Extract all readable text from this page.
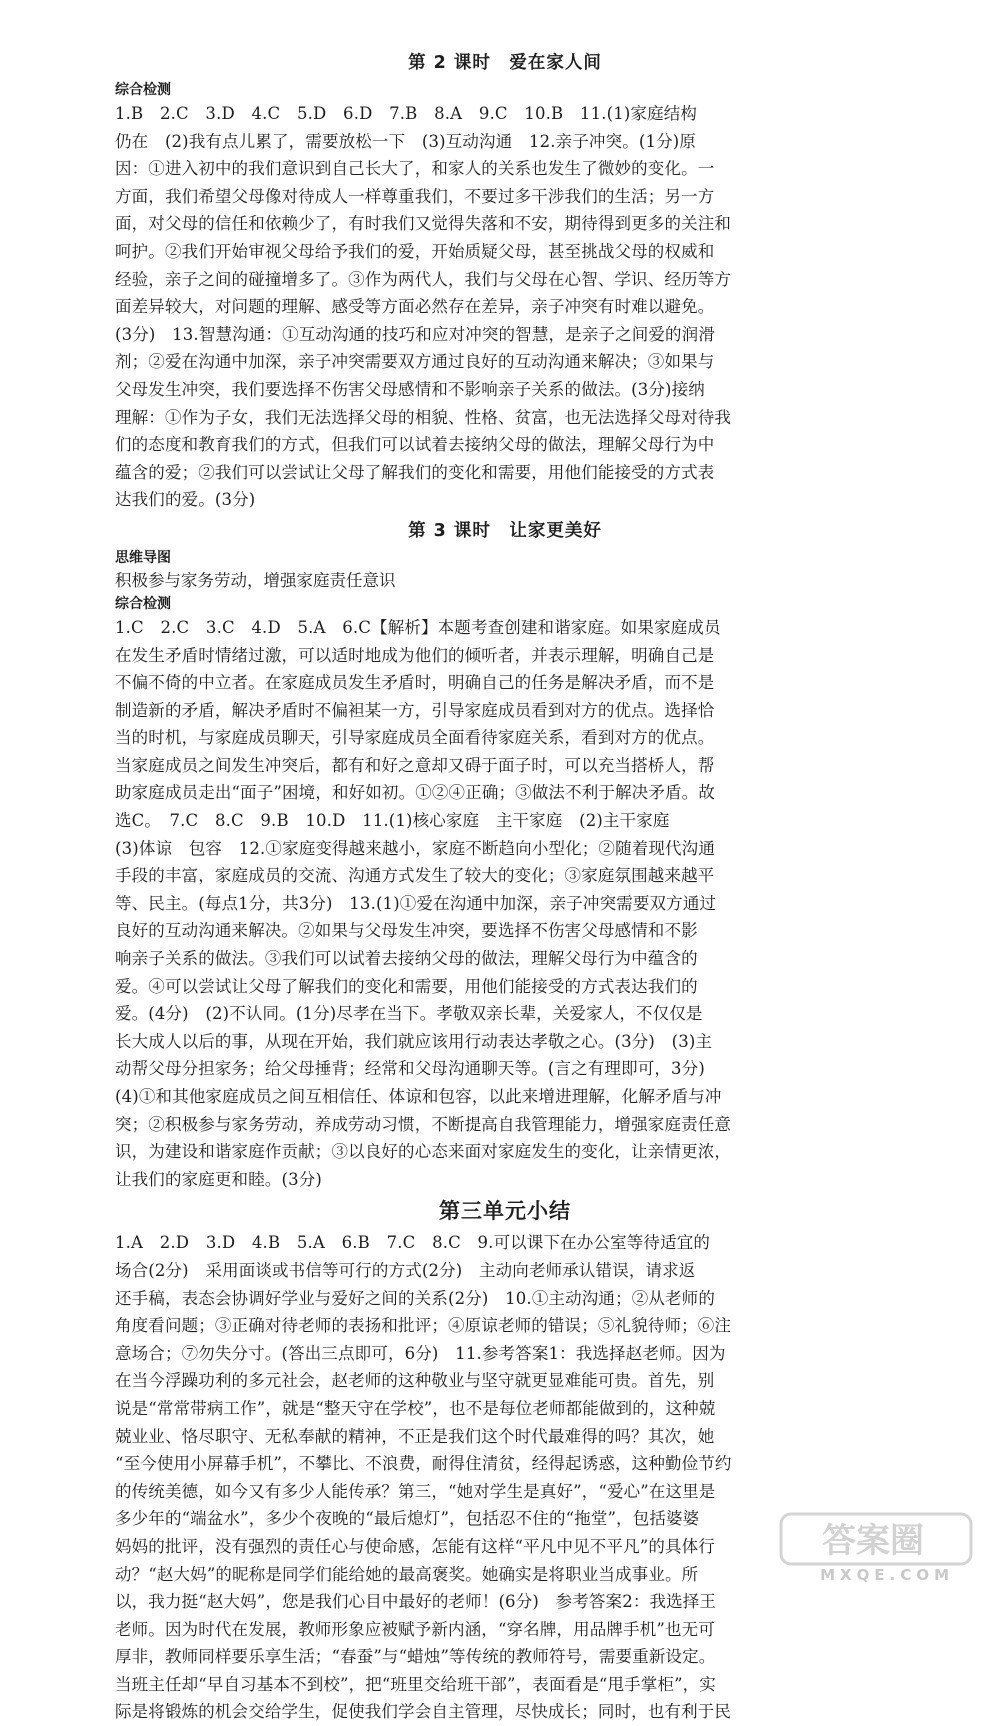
第 2 课时　爱在家人间
综合检测

1.B　2.C　3.D　4.C　5.D　6.D　7.B　8.A　9.C　10.B　11.(1)家庭结构

仍在　(2)我有点儿累了，需要放松一下　(3)互动沟通　12.亲子冲突。(1分)原

因：①进入初中的我们意识到自己长大了，和家人的关系也发生了微妙的变化。一

方面，我们希望父母像对待成人一样尊重我们，不要过多干涉我们的生活；另一方

面，对父母的信任和依赖少了，有时我们又觉得失落和不安，期待得到更多的关注和

呵护。②我们开始审视父母给予我们的爱，开始质疑父母，甚至挑战父母的权威和

经验，亲子之间的碰撞增多了。③作为两代人，我们与父母在心智、学识、经历等方

面差异较大，对问题的理解、感受等方面必然存在差异，亲子冲突有时难以避免。

(3分)　13.智慧沟通：①互动沟通的技巧和应对冲突的智慧，是亲子之间爱的润滑

剂；②爱在沟通中加深，亲子冲突需要双方通过良好的互动沟通来解决；③如果与

父母发生冲突，我们要选择不伤害父母感情和不影响亲子关系的做法。(3分)接纳

理解：①作为子女，我们无法选择父母的相貌、性格、贫富，也无法选择父母对待我

们的态度和教育我们的方式，但我们可以试着去接纳父母的做法，理解父母行为中

蕴含的爱；②我们可以尝试让父母了解我们的变化和需要，用他们能接受的方式表

达我们的爱。(3分)

第 3 课时　让家更美好
思维导图

积极参与家务劳动，增强家庭责任意识

综合检测

1.C　2.C　3.C　4.D　5.A　6.C【解析】本题考查创建和谐家庭。如果家庭成员

在发生矛盾时情绪过激，可以适时地成为他们的倾听者，并表示理解，明确自己是

不偏不倚的中立者。在家庭成员发生矛盾时，明确自己的任务是解决矛盾，而不是

制造新的矛盾，解决矛盾时不偏袒某一方，引导家庭成员看到对方的优点。选择恰

当的时机，与家庭成员聊天，引导家庭成员全面看待家庭关系，看到对方的优点。

当家庭成员之间发生冲突后，都有和好之意却又碍于面子时，可以充当搭桥人，帮

助家庭成员走出“面子”困境，和好如初。①②④正确；③做法不利于解决矛盾。故

选C。　7.C　8.C　9.B　10.D　11.(1)核心家庭　主干家庭　(2)主干家庭

(3)体谅　包容　12.①家庭变得越来越小，家庭不断趋向小型化；②随着现代沟通

手段的丰富，家庭成员的交流、沟通方式发生了较大的变化；③家庭氛围越来越平

等、民主。(每点1分，共3分)　13.(1)①爱在沟通中加深，亲子冲突需要双方通过

良好的互动沟通来解决。②如果与父母发生冲突，要选择不伤害父母感情和不影

响亲子关系的做法。③我们可以试着去接纳父母的做法，理解父母行为中蕴含的

爱。④可以尝试让父母了解我们的变化和需要，用他们能接受的方式表达我们的

爱。(4分)　(2)不认同。(1分)尽孝在当下。孝敬双亲长辈，关爱家人，不仅仅是

长大成人以后的事，从现在开始，我们就应该用行动表达孝敬之心。(3分)　(3)主

动帮父母分担家务；给父母捶背；经常和父母沟通聊天等。(言之有理即可，3分)

(4)①和其他家庭成员之间互相信任、体谅和包容，以此来增进理解，化解矛盾与冲

突；②积极参与家务劳动，养成劳动习惯，不断提高自我管理能力，增强家庭责任意

识，为建设和谐家庭作贡献；③以良好的心态来面对家庭发生的变化，让亲情更浓，

让我们的家庭更和睦。(3分)

第三单元小结

1.A　2.D　3.D　4.B　5.A　6.B　7.C　8.C　9.可以课下在办公室等待适宜的

场合(2分)　采用面谈或书信等可行的方式(2分)　主动向老师承认错误，请求返

还手稿，表态会协调好学业与爱好之间的关系(2分)　10.①主动沟通；②从老师的

角度看问题；③正确对待老师的表扬和批评；④原谅老师的错误；⑤礼貌待师；⑥注

意场合；⑦勿失分寸。(答出三点即可，6分)　11.参考答案1：我选择赵老师。因为

在当今浮躁功利的多元社会，赵老师的这种敬业与坚守就更显难能可贵。首先，别

说是“常常带病工作”，就是“整天守在学校”，也不是每位老师都能做到的，这种兢

兢业业、恪尽职守、无私奉献的精神，不正是我们这个时代最难得的吗？其次，她

“至今使用小屏幕手机”，不攀比、不浪费，耐得住清贫，经得起诱惑，这种勤俭节约

的传统美德，如今又有多少人能传承？第三，“她对学生是真好”，“爱心”在这里是

多少年的“端盆水”，多少个夜晚的“最后熄灯”，包括忍不住的“拖堂”，包括婆婆

妈妈的批评，没有强烈的责任心与使命感，怎能有这样“平凡中见不平凡”的具体行

动？“赵大妈”的昵称是同学们能给她的最高褒奖。她确实是将职业当成事业。所

以，我力挺“赵大妈”，您是我们心目中最好的老师！(6分)　参考答案2：我选择王

老师。因为时代在发展，教师形象应被赋予新内涵，“穿名牌，用品牌手机”也无可

厚非，教师同样要乐享生活；“春蚕”与“蜡烛”等传统的教师符号，需要重新设定。

当班主任却“早自习基本不到校”，把“班里交给班干部”，表面看是“甩手掌柜”，实

际是将锻炼的机会交给学生，促使我们学会自主管理，尽快成长；同时，也有利于民

答案圈
MXQE.COM
